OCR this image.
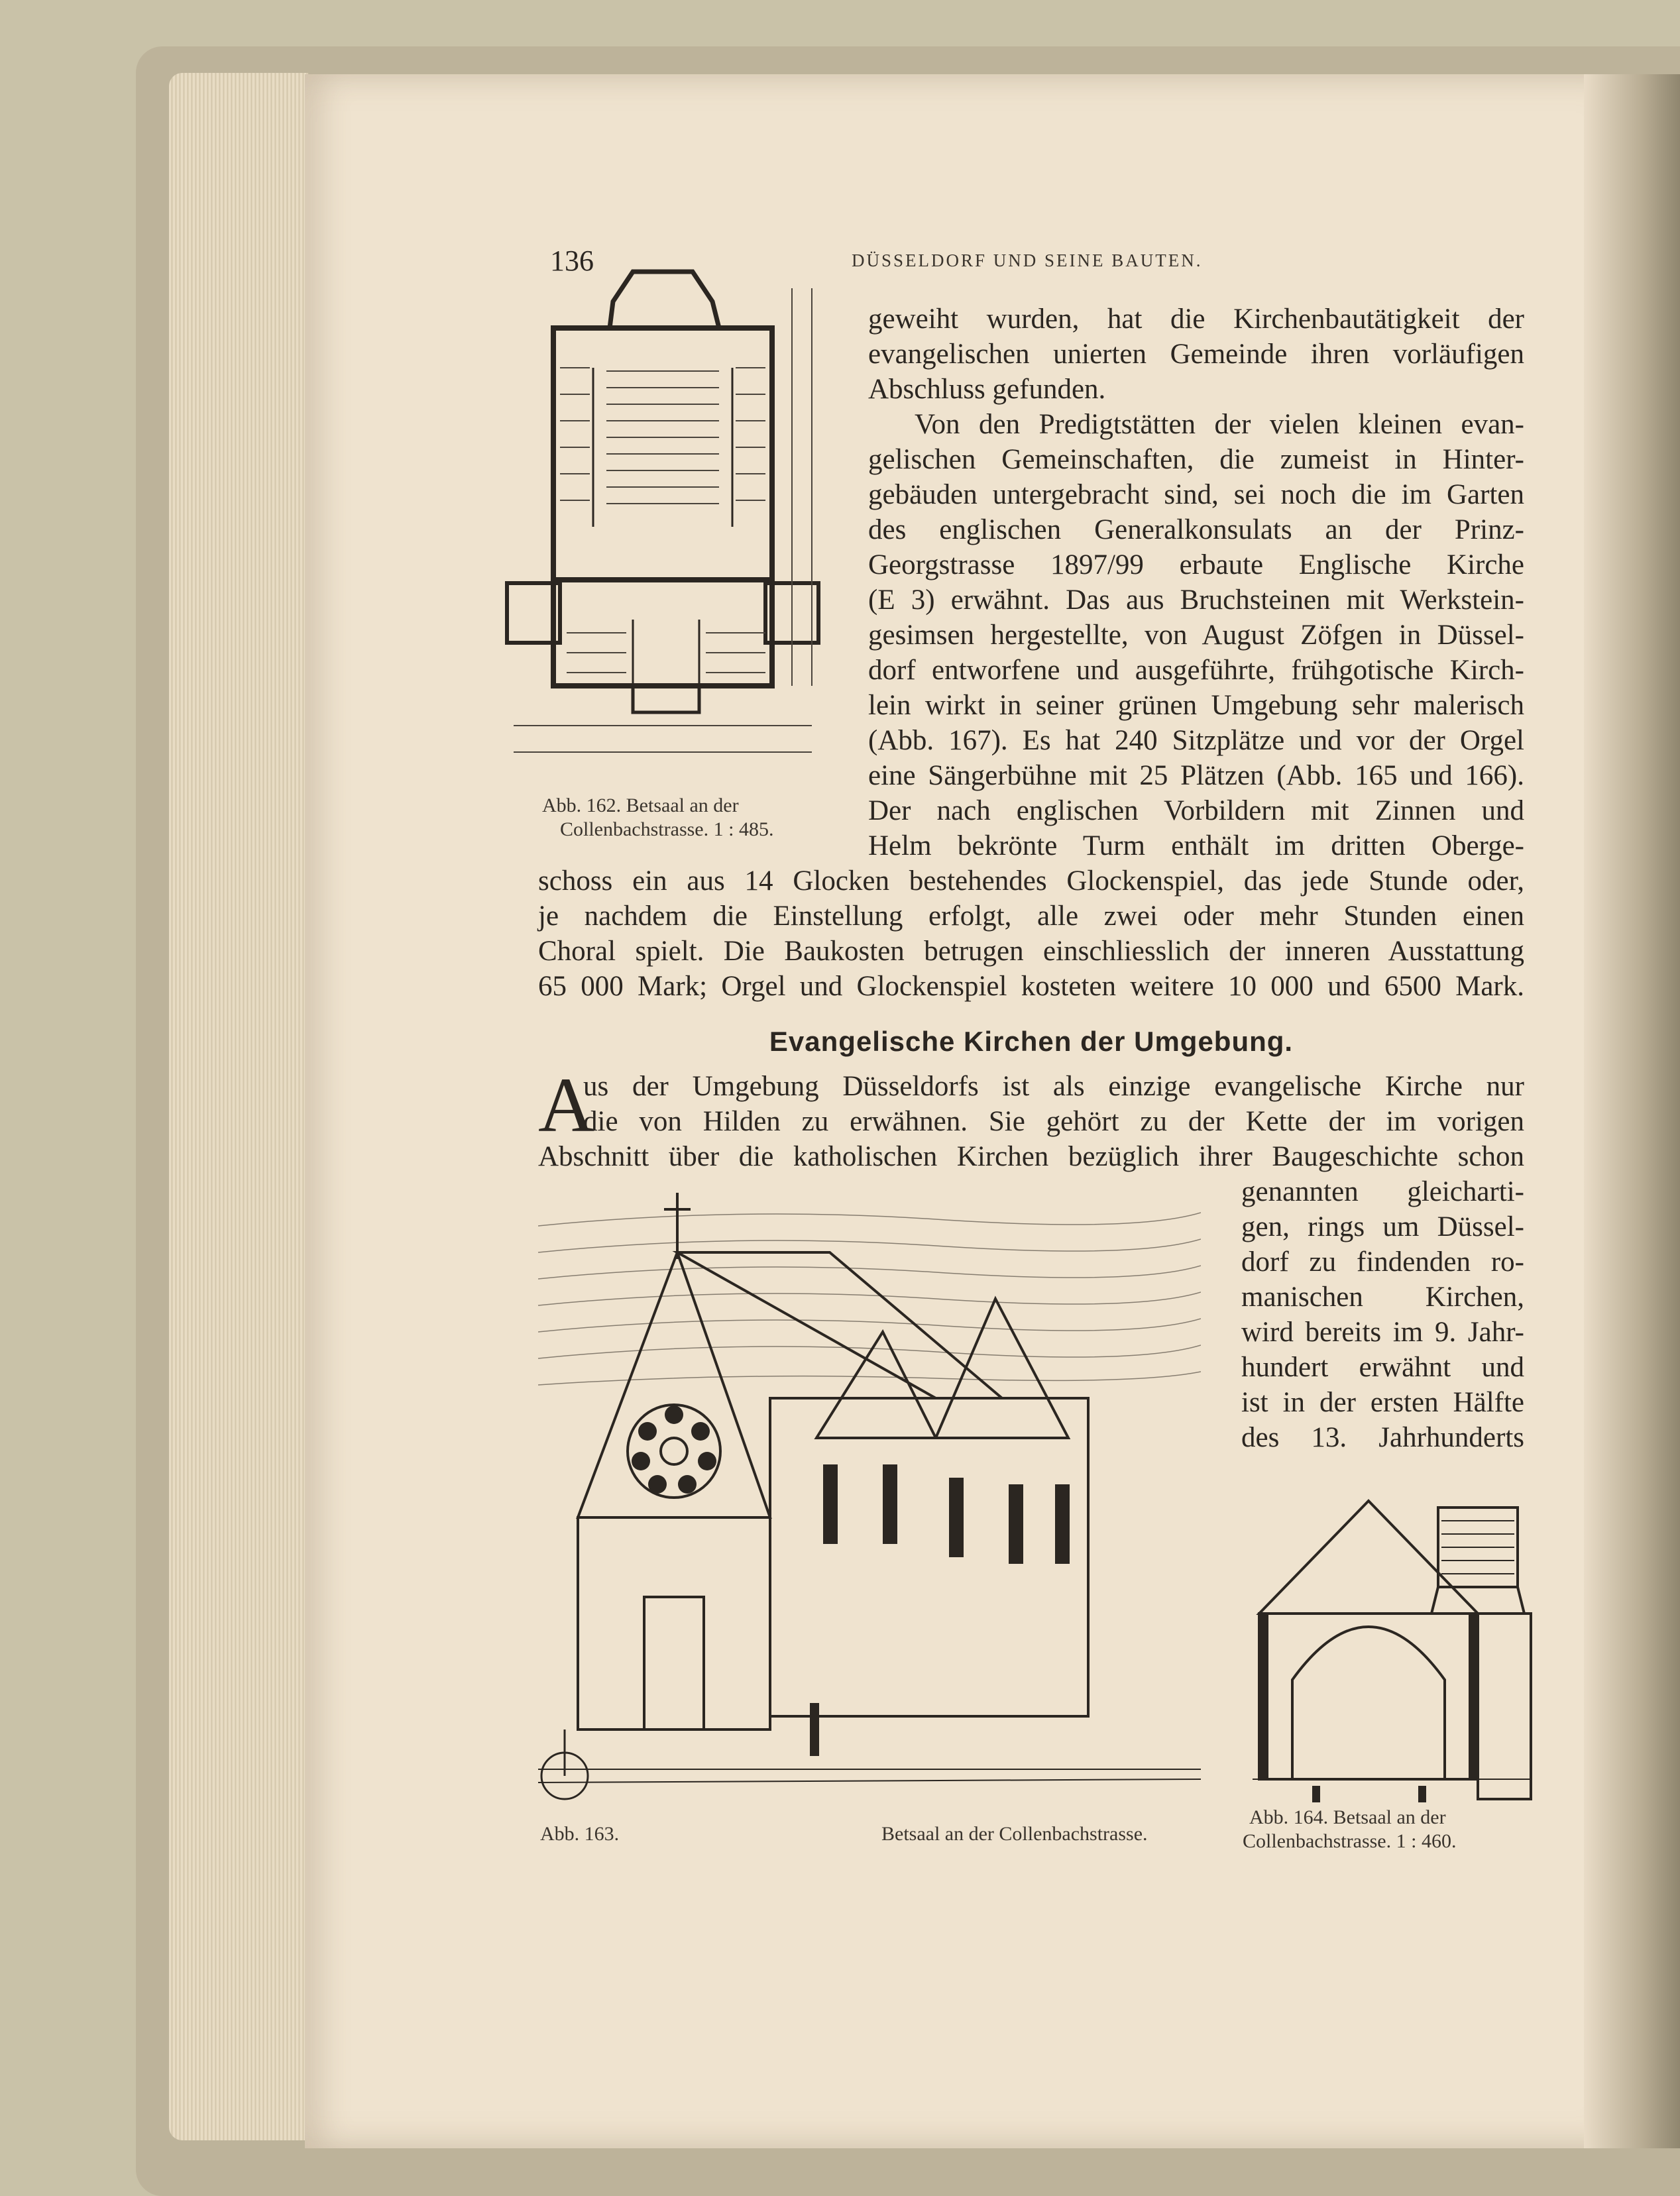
136	DÜSSELDORF UND SEINE BAUTEN.
Abb. 162. Betsaal an der
Collenbachstrasse. 1 : 485.
geweiht wurden, hat die Kirchenbautätigkeit der
evangelischen unierten Gemeinde ihren vorläufigen
Abschluss gefunden.
Von den Predigtstätten der vielen kleinen evan-
gelischen Gemeinschaften, die zumeist in Hinter-
gebäuden untergebracht sind, sei noch die im Garten
des englischen Generalkonsulats an der Prinz-
Georgstrasse 1897/99 erbaute Englische Kirche
(E 3) erwähnt. Das aus Bruchsteinen mit Werkstein-
gesimsen hergestellte, von August Zöfgen in Düssel-
dorf entworfene und ausgeführte, frühgotische Kirch-
lein wirkt in seiner grünen Umgebung sehr malerisch
(Abb. 167). Es hat 240 Sitzplätze und vor der Orgel
eine Sängerbühne mit 25 Plätzen (Abb. 165 und 166).
Der nach englischen Vorbildern mit Zinnen und
Helm bekrönte Turm enthält im dritten Oberge-
schoss ein aus 14 Glocken bestehendes Glockenspiel, das jede Stunde oder,
je nachdem die Einstellung erfolgt, alle zwei oder mehr Stunden einen
Choral spielt. Die Baukosten betrugen einschliesslich der inneren Ausstattung
65 000 Mark; Orgel und Glockenspiel kosteten weitere 10 000 und 6500 Mark.
Evangelische Kirchen der Umgebung.
A
us der Umgebung Düsseldorfs ist als einzige evangelische Kirche nur
die von Hilden zu erwähnen. Sie gehört zu der Kette der im vorigen
Abschnitt über die katholischen Kirchen bezüglich ihrer Baugeschichte schon
genannten gleicharti-
gen, rings um Düssel-
dorf zu findenden ro-
manischen Kirchen,
wird bereits im 9. Jahr-
hundert erwähnt und
ist in der ersten Hälfte
des 13. Jahrhunderts
Abb. 163.	Betsaal an der Collenbachstrasse.
Abb. 164. Betsaal an der
Collenbachstrasse. 1 : 460.
